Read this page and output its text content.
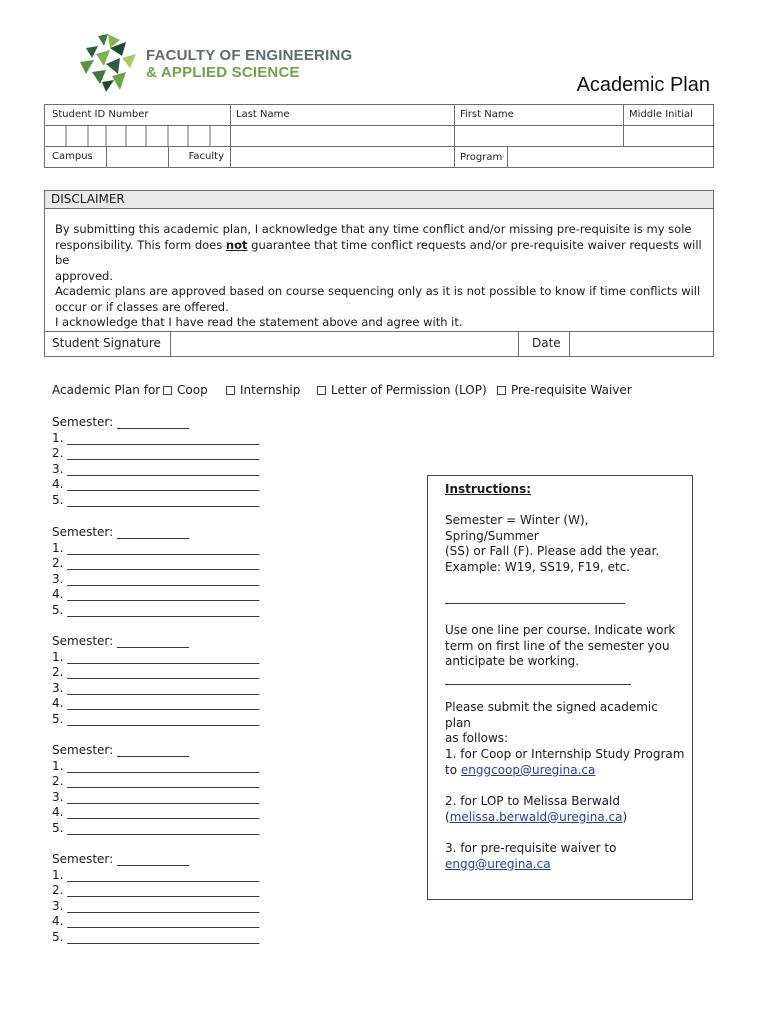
FACULTY OF ENGINEERING
& APPLIED SCIENCE
Academic Plan
Student ID Number	Last Name	First Name	Middle Initial
Campus	Faculty	Program
DISCLAIMER
By submitting this academic plan, I acknowledge that any time conflict and/or missing pre-requisite is my sole
responsibility. This form does not guarantee that time conflict requests and/or pre-requisite waiver requests will be
approved.
Academic plans are approved based on course sequencing only as it is not possible to know if time conflicts will
occur or if classes are offered.
I acknowledge that I have read the statement above and agree with it.
Student Signature	Date
Academic Plan for	Coop	Internship	Letter of Permission (LOP)	Pre-requisite Waiver
Semester: ____________
1. ________________________________
2. ________________________________
3. ________________________________
4. ________________________________
5. ________________________________
Semester: ____________
1. ________________________________
2. ________________________________
3. ________________________________
4. ________________________________
5. ________________________________
Semester: ____________
1. ________________________________
2. ________________________________
3. ________________________________
4. ________________________________
5. ________________________________
Semester: ____________
1. ________________________________
2. ________________________________
3. ________________________________
4. ________________________________
5. ________________________________
Semester: ____________
1. ________________________________
2. ________________________________
3. ________________________________
4. ________________________________
5. ________________________________

Instructions:

Semester = Winter (W), Spring/Summer
(SS) or Fall (F). Please add the year.

Example: W19, SS19, F19, etc.

______________________________

Use one line per course. Indicate work
term on first line of the semester you
anticipate be working.

_______________________________

Please submit the signed academic plan
as follows:

1. for Coop or Internship Study Program
to enggcoop@uregina.ca

2. for LOP to Melissa Berwald
(melissa.berwald@uregina.ca)

3. for pre-requisite waiver to
engg@uregina.ca
